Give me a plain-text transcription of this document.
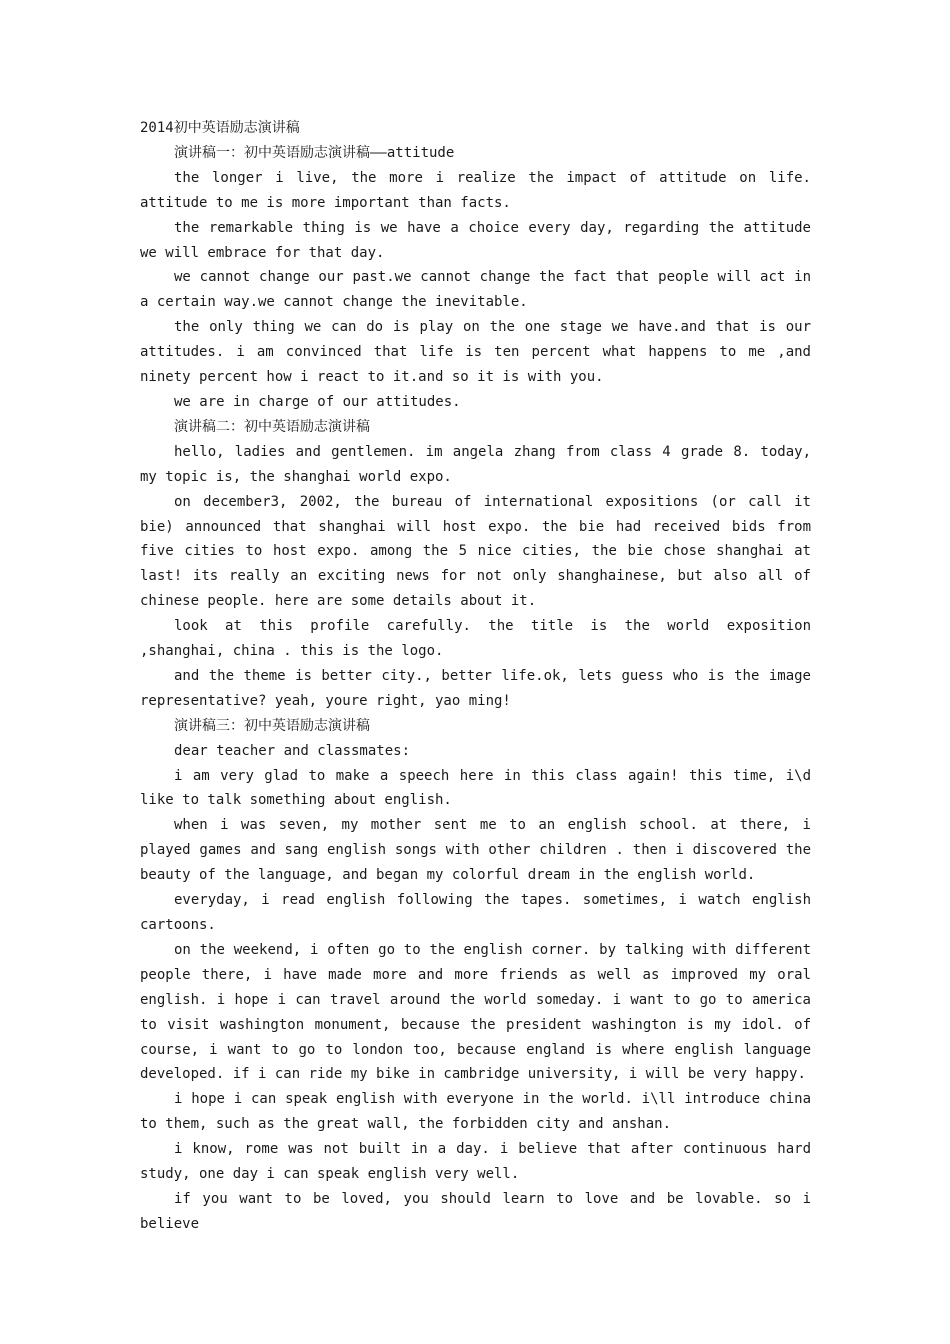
2014初中英语励志演讲稿

演讲稿一：初中英语励志演讲稿——attitude

the longer i live, the more i realize the impact of attitude on life. attitude to me is more important than facts.

the remarkable thing is we have a choice every day, regarding the attitude we will embrace for that day.

we cannot change our past.we cannot change the fact that people will act in a certain way.we cannot change the inevitable.

the only thing we can do is play on the one stage we have.and that is our attitudes. i am convinced that life is ten percent what happens to me ,and ninety percent how i react to it.and so it is with you.

we are in charge of our attitudes.

演讲稿二：初中英语励志演讲稿

hello, ladies and gentlemen. im angela zhang from class 4 grade 8. today, my topic is, the shanghai world expo.

on december3, 2002, the bureau of international expositions (or call it bie) announced that shanghai will host expo. the bie had received bids from five cities to host expo. among the 5 nice cities, the bie chose shanghai at last! its really an exciting news for not only shanghainese, but also all of chinese people. here are some details about it.

look at this profile carefully. the title is the world exposition ,shanghai, china . this is the logo.

and the theme is better city., better life.ok, lets guess who is the image representative? yeah, youre right, yao ming!

演讲稿三：初中英语励志演讲稿

dear teacher and classmates:

i am very glad to make a speech here in this class again! this time, i\d like to talk something about english.

when i was seven, my mother sent me to an english school. at there, i played games and sang english songs with other children . then i discovered the beauty of the language, and began my colorful dream in the english world.

everyday, i read english following the tapes. sometimes, i watch english cartoons.

on the weekend, i often go to the english corner. by talking with different people there, i have made more and more friends as well as improved my oral english. i hope i can travel around the world someday. i want to go to america to visit washington monument, because the president washington is my idol. of course, i want to go to london too, because england is where english language developed. if i can ride my bike in cambridge university, i will be very happy.

i hope i can speak english with everyone in the world. i\ll introduce china to them, such as the great wall, the forbidden city and anshan.

i know, rome was not built in a day. i believe that after continuous hard study, one day i can speak english very well.

if you want to be loved, you should learn to love and be lovable. so i believe
